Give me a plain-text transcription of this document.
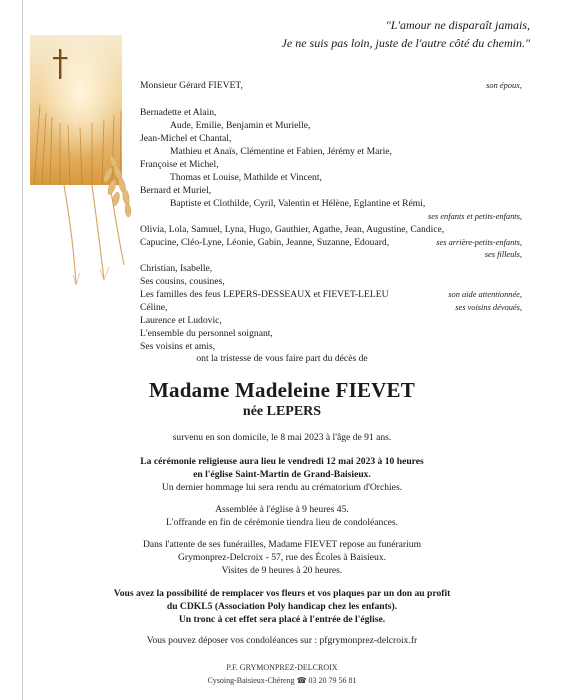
"L'amour ne disparaît jamais,
Je ne suis pas loin, juste de l'autre côté du chemin."
Monsieur Gérard FIEVET,
Bernadette et Alain,
Aude, Emilie, Benjamin et Murielle,
Jean-Michel et Chantal,
Mathieu et Anaïs, Clémentine et Fabien, Jérémy et Marie,
Françoise et Michel,
Thomas et Louise, Mathilde et Vincent,
Bernard et Muriel,
Baptiste et Clothilde, Cyril, Valentin et Hélène, Eglantine et Rémi,
Olivia, Lola, Samuel, Lyna, Hugo, Gauthier, Agathe, Jean, Augustine, Candice,
Capucine, Cléo-Lyne, Léonie, Gabin, Jeanne, Suzanne, Edouard,
Christian, Isabelle,
Ses cousins, cousines,
Les familles des feus LEPERS-DESSEAUX et FIEVET-LELEU
Céline,
Laurence et Ludovic,
L'ensemble du personnel soignant,
Ses voisins et amis,
son époux,
ses enfants et petits-enfants,
ses arrière-petits-enfants,
ses filleuls,
son aide attentionnée,
ses voisins dévoués,
ont la tristesse de vous faire part du décès de
Madame Madeleine FIEVET
née LEPERS
survenu en son domicile, le 8 mai 2023 à l'âge de 91 ans.
La cérémonie religieuse aura lieu le vendredi 12 mai 2023 à 10 heures
en l'église Saint-Martin de Grand-Baisieux.
Un dernier hommage lui sera rendu au crématorium d'Orchies.
Assemblée à l'église à 9 heures 45.
L'offrande en fin de cérémonie tiendra lieu de condoléances.
Dans l'attente de ses funérailles, Madame FIEVET repose au funérarium
Grymonprez-Delcroix - 57, rue des Écoles à Baisieux.
Visites de 9 heures à 20 heures.
Vous avez la possibilité de remplacer vos fleurs et vos plaques par un don au profit
du CDKL5 (Association Poly handicap chez les enfants).
Un tronc à cet effet sera placé à l'entrée de l'église.
Vous pouvez déposer vos condoléances sur : pfgrymonprez-delcroix.fr
P.F. GRYMONPREZ-DELCROIX
Cysoing-Baisieux-Chéreng ☎ 03 20 79 56 81
